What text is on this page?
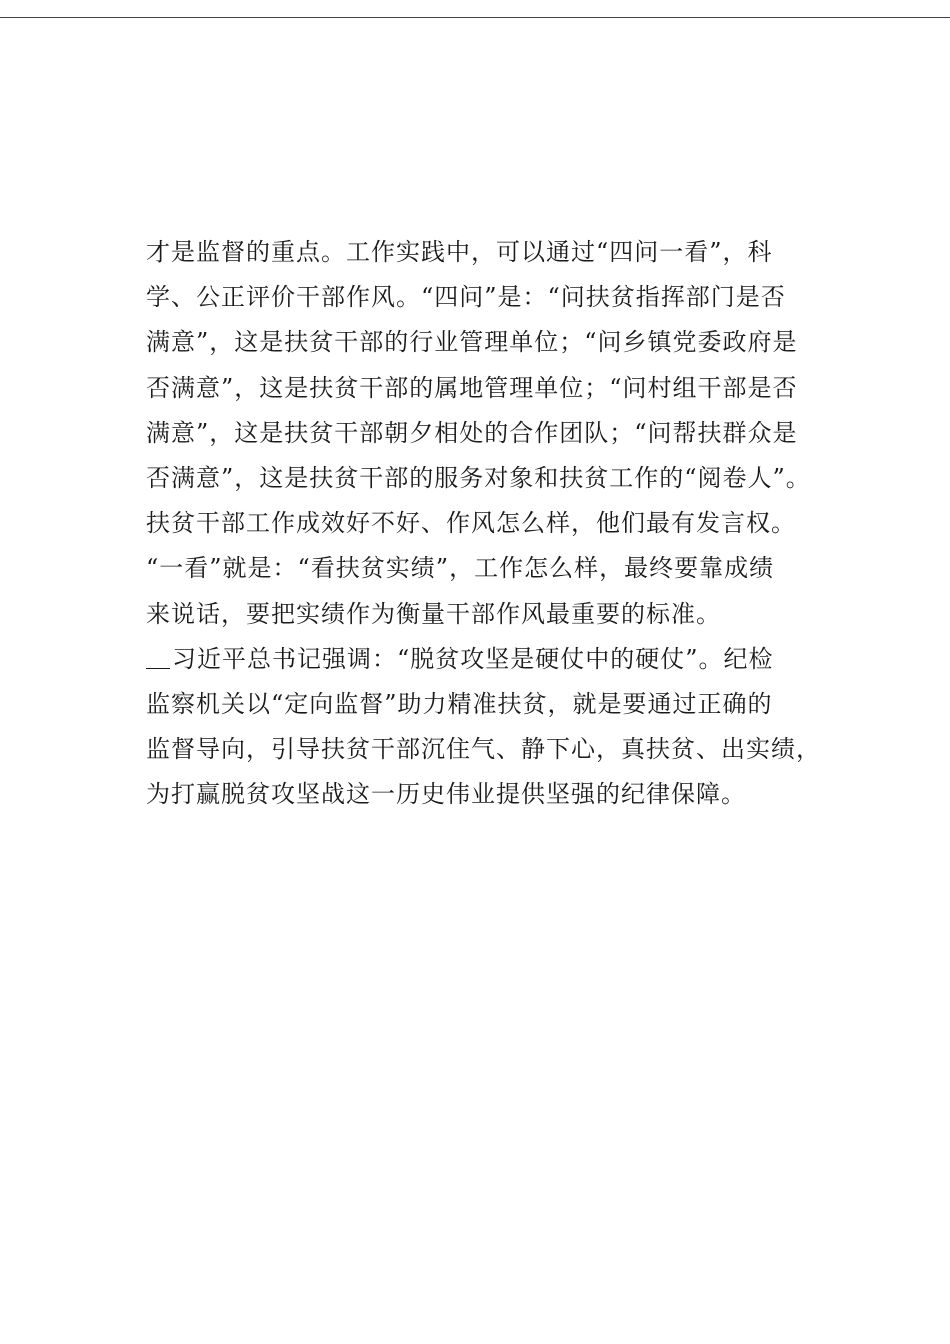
才是监督的重点。工作实践中，可以通过“四问一看”，科
学、公正评价干部作风。“四问”是：“问扶贫指挥部门是否
满意”，这是扶贫干部的行业管理单位；“问乡镇党委政府是
否满意”，这是扶贫干部的属地管理单位；“问村组干部是否
满意”，这是扶贫干部朝夕相处的合作团队；“问帮扶群众是
否满意”，这是扶贫干部的服务对象和扶贫工作的“阅卷人”。
扶贫干部工作成效好不好、作风怎么样，他们最有发言权。
“一看”就是：“看扶贫实绩”，工作怎么样，最终要靠成绩
来说话，要把实绩作为衡量干部作风最重要的标准。
习近平总书记强调：“脱贫攻坚是硬仗中的硬仗”。纪检
监察机关以“定向监督”助力精准扶贫，就是要通过正确的
监督导向，引导扶贫干部沉住气、静下心，真扶贫、出实绩，
为打赢脱贫攻坚战这一历史伟业提供坚强的纪律保障。
